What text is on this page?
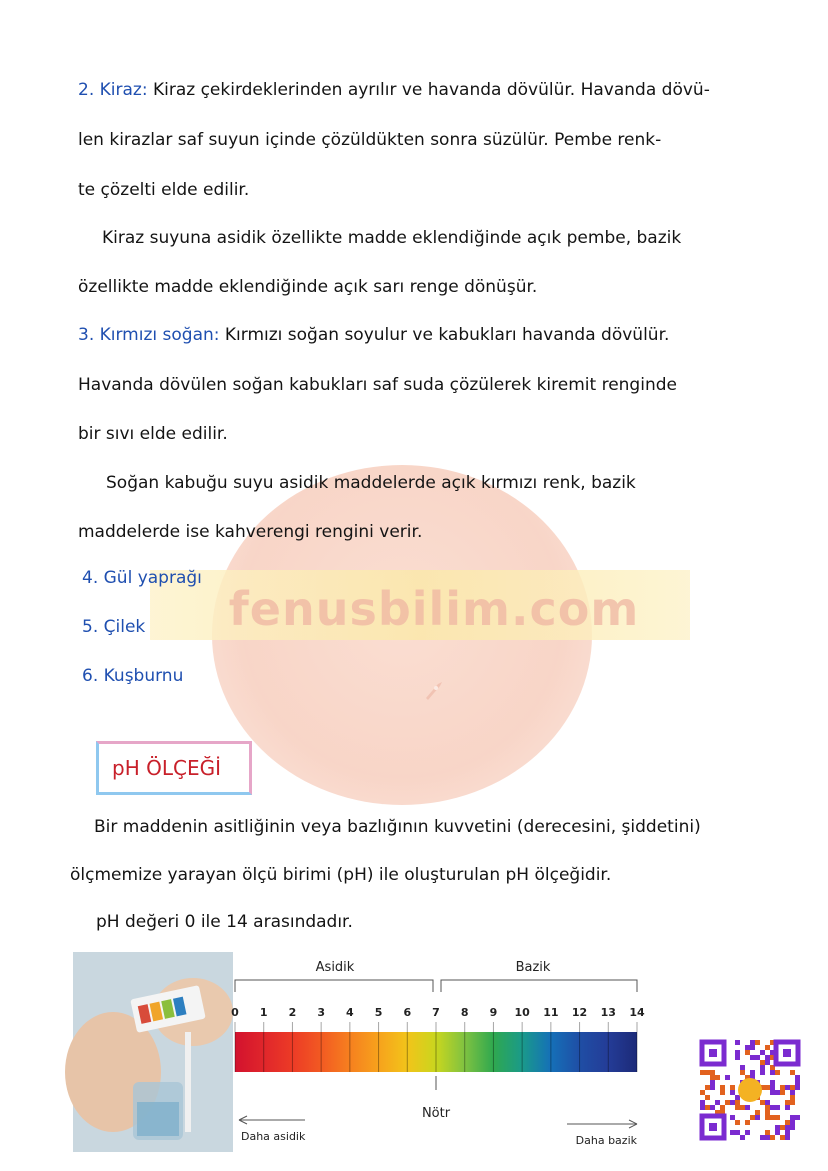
fenusbilim.com
2. Kiraz: Kiraz çekirdeklerinden ayrılır ve havanda dövülür. Havanda dövü-
len kirazlar saf suyun içinde çözüldükten sonra süzülür. Pembe renk-
te çözelti elde edilir.
Kiraz suyuna asidik özellikte madde eklendiğinde açık pembe, bazik
özellikte madde eklendiğinde açık sarı renge dönüşür.
3. Kırmızı soğan: Kırmızı soğan soyulur ve kabukları havanda dövülür.
Havanda dövülen soğan kabukları saf suda çözülerek kiremit renginde
bir sıvı elde edilir.
Soğan kabuğu suyu asidik maddelerde açık kırmızı renk, bazik
maddelerde ise kahverengi rengini verir.
4. Gül yaprağı
5. Çilek
6. Kuşburnu
pH ÖLÇEĞİ
Bir maddenin asitliğinin veya bazlığının kuvvetini (derecesini, şiddetini)
ölçmemize yarayan ölçü birimi (pH) ile oluşturulan pH ölçeğidir.
pH değeri 0 ile 14 arasındadır.
Asidik	Bazik
0 1 2 3 4 5 6 7 8 9 10 11 12 13 14
Nötr
Daha asidik	Daha bazik
